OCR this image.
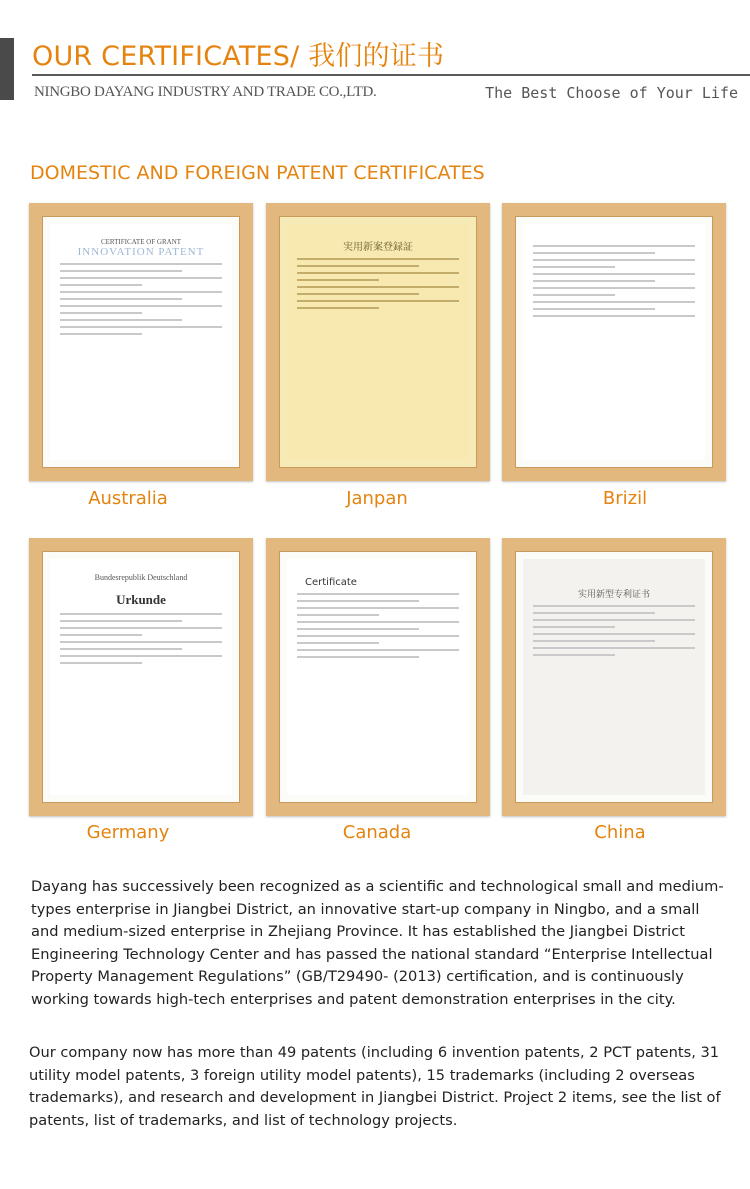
OUR CERTIFICATES/ 我们的证书
NINGBO DAYANG INDUSTRY AND TRADE CO.,LTD.	The Best Choose of Your Life
DOMESTIC AND FOREIGN PATENT CERTIFICATES
CERTIFICATE OF GRANT
INNOVATION PATENT	実用新案登録証
Australia	Janpan	Brizil
Bundesrepublik Deutschland
Urkunde
Certificate
实用新型专利证书
Germany	Canada	China
Dayang has successively been recognized as a scientific and technological small and medium-types enterprise in Jiangbei District, an innovative start-up company in Ningbo, and a small and medium-sized enterprise in Zhejiang Province. It has established the Jiangbei District Engineering Technology Center and has passed the national standard “Enterprise Intellectual Property Management Regulations” (GB/T29490- (2013) certification, and is continuously working towards high-tech enterprises and patent demonstration enterprises in the city.
Our company now has more than 49 patents (including 6 invention patents, 2 PCT patents, 31 utility model patents, 3 foreign utility model patents), 15 trademarks (including 2 overseas trademarks), and research and development in Jiangbei District. Project 2 items, see the list of patents, list of trademarks, and list of technology projects.
